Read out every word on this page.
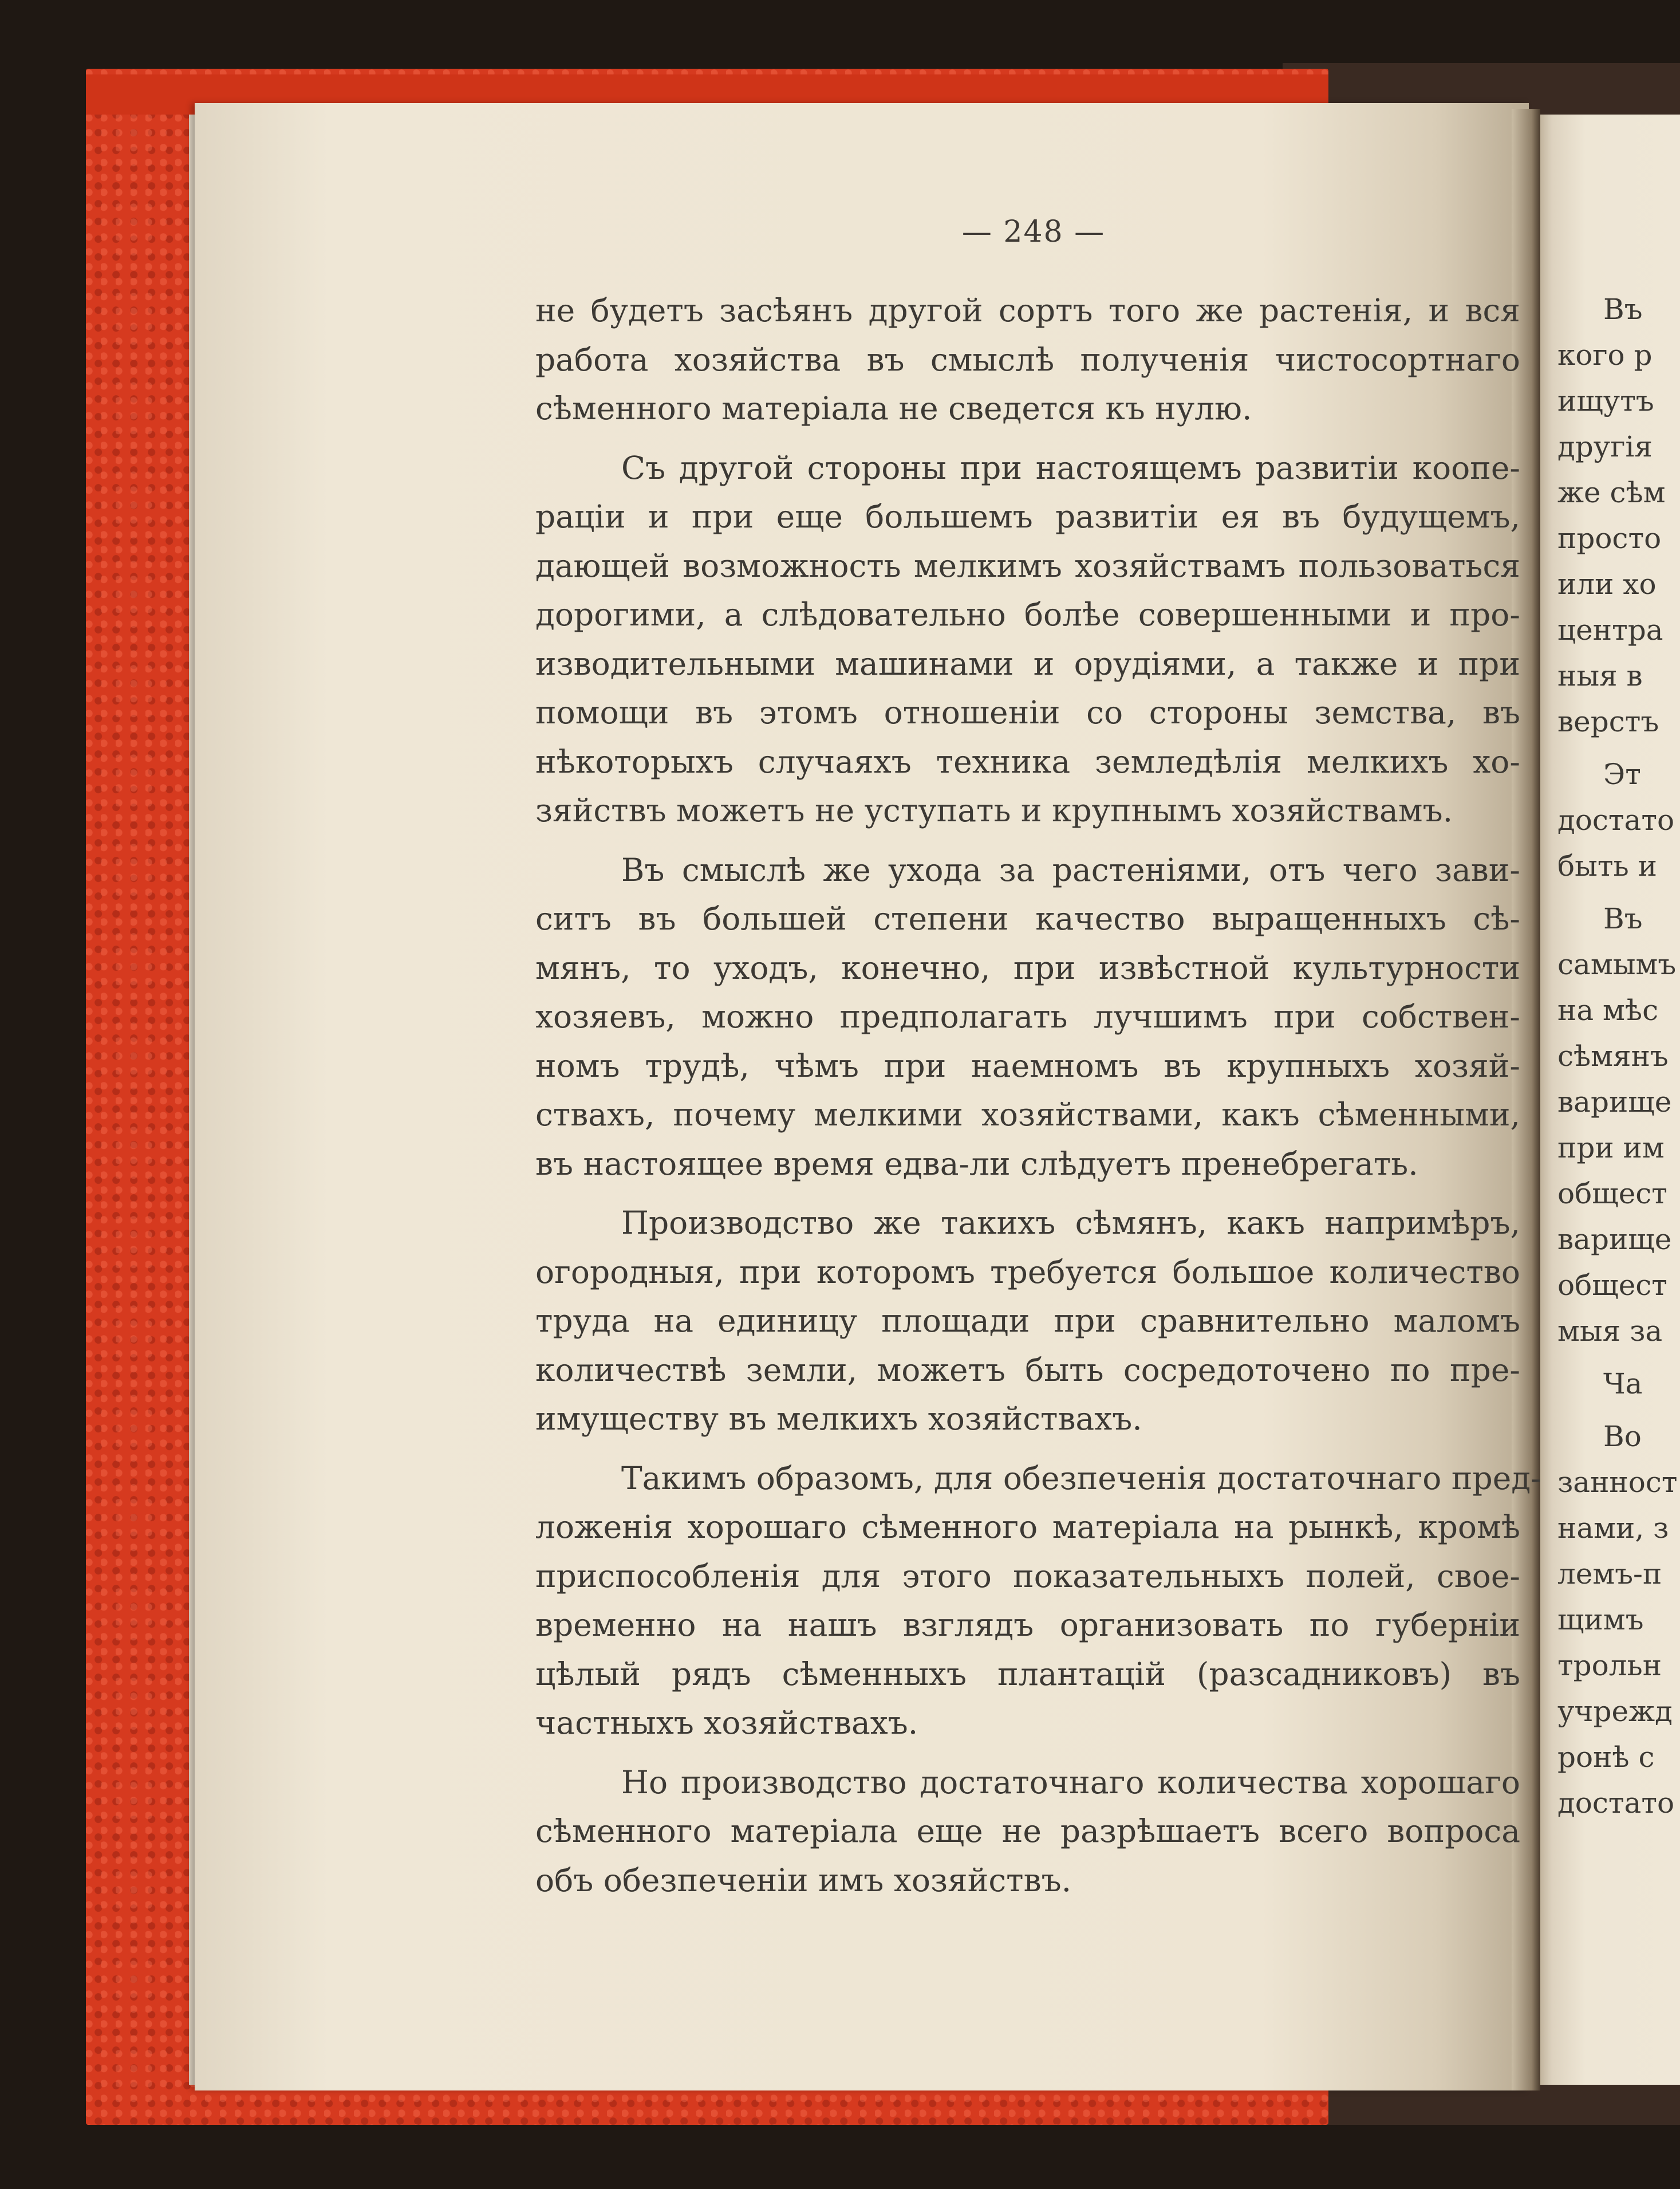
— 248 —
не будетъ засѣянъ другой сортъ того же растенія, и вся
работа хозяйства въ смыслѣ полученія чистосортнаго
сѣменного матеріала не сведется къ нулю.
Съ другой стороны при настоящемъ развитіи коопе-
раціи и при еще большемъ развитіи ея въ будущемъ,
дающей возможность мелкимъ хозяйствамъ пользоваться
дорогими, а слѣдовательно болѣе совершенными и про-
изводительными машинами и орудіями, а также и при
помощи въ этомъ отношеніи со стороны земства, въ
нѣкоторыхъ случаяхъ техника земледѣлія мелкихъ хо-
зяйствъ можетъ не уступать и крупнымъ хозяйствамъ.
Въ смыслѣ же ухода за растеніями, отъ чего зави-
ситъ въ большей степени качество выращенныхъ сѣ-
мянъ, то уходъ, конечно, при извѣстной культурности
хозяевъ, можно предполагать лучшимъ при собствен-
номъ трудѣ, чѣмъ при наемномъ въ крупныхъ хозяй-
ствахъ, почему мелкими хозяйствами, какъ сѣменными,
въ настоящее время едва-ли слѣдуетъ пренебрегать.
Производство же такихъ сѣмянъ, какъ напримѣръ,
огородныя, при которомъ требуется большое количество
труда на единицу площади при сравнительно маломъ
количествѣ земли, можетъ быть сосредоточено по пре-
имуществу въ мелкихъ хозяйствахъ.
Такимъ образомъ, для обезпеченія достаточнаго пред-
ложенія хорошаго сѣменного матеріала на рынкѣ, кромѣ
приспособленія для этого показательныхъ полей, свое-
временно на нашъ взглядъ организовать по губерніи
цѣлый рядъ сѣменныхъ плантацій (разсадниковъ) въ
частныхъ хозяйствахъ.
Но производство достаточнаго количества хорошаго
сѣменного матеріала еще не разрѣшаетъ всего вопроса
объ обезпеченіи имъ хозяйствъ.
Въ
кого р
ищутъ
другія
же сѣм
просто
или хо
центра
ныя в
верстъ
Эт
достато
быть и
Въ
самымъ
на мѣс
сѣмянъ
варище
при им
общест
варище
общест
мыя за
Ча
Во
занност
нами, з
лемъ-п
щимъ
трольн
учрежд
ронѣ с
достато
